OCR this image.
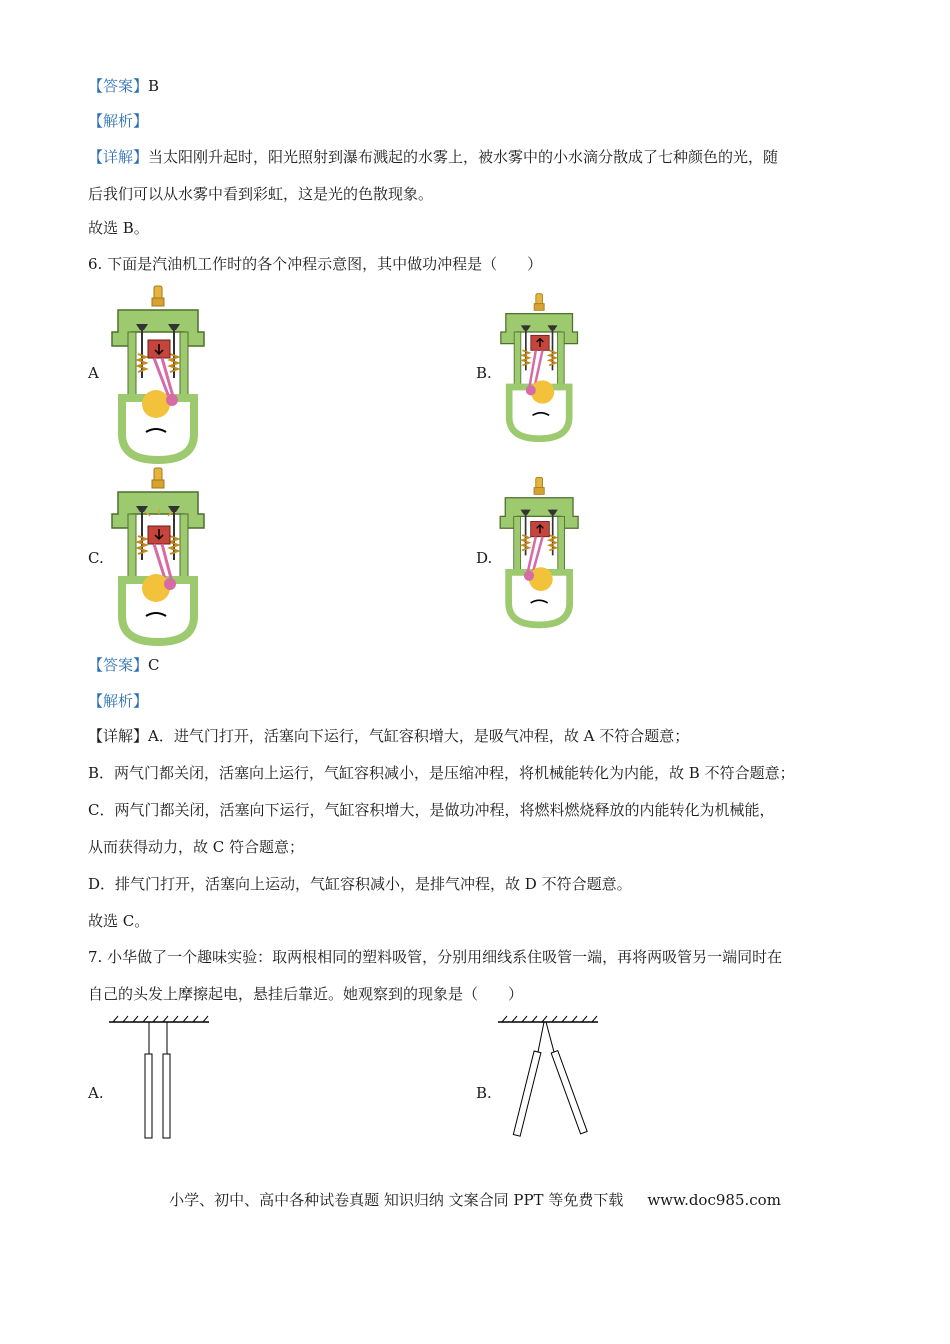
【答案】B
【解析】
【详解】当太阳刚升起时，阳光照射到瀑布溅起的水雾上，被水雾中的小水滴分散成了七种颜色的光，随
后我们可以从水雾中看到彩虹，这是光的色散现象。
故选 B。
6. 下面是汽油机工作时的各个冲程示意图，其中做功冲程是（　　）
A	B.
C.	D.
【答案】C
【解析】
【详解】A．进气门打开，活塞向下运行，气缸容积增大，是吸气冲程，故 A 不符合题意；
B．两气门都关闭，活塞向上运行，气缸容积减小，是压缩冲程，将机械能转化为内能，故 B 不符合题意；
C．两气门都关闭，活塞向下运行，气缸容积增大，是做功冲程，将燃料燃烧释放的内能转化为机械能，
从而获得动力，故 C 符合题意；
D．排气门打开，活塞向上运动，气缸容积减小，是排气冲程，故 D 不符合题意。
故选 C。
7. 小华做了一个趣味实验：取两根相同的塑料吸管，分别用细线系住吸管一端，再将两吸管另一端同时在
自己的头发上摩擦起电，悬挂后靠近。她观察到的现象是（　　）
A.	B.
小学、初中、高中各种试卷真题 知识归纳 文案合同 PPT 等免费下载 www.doc985.com
